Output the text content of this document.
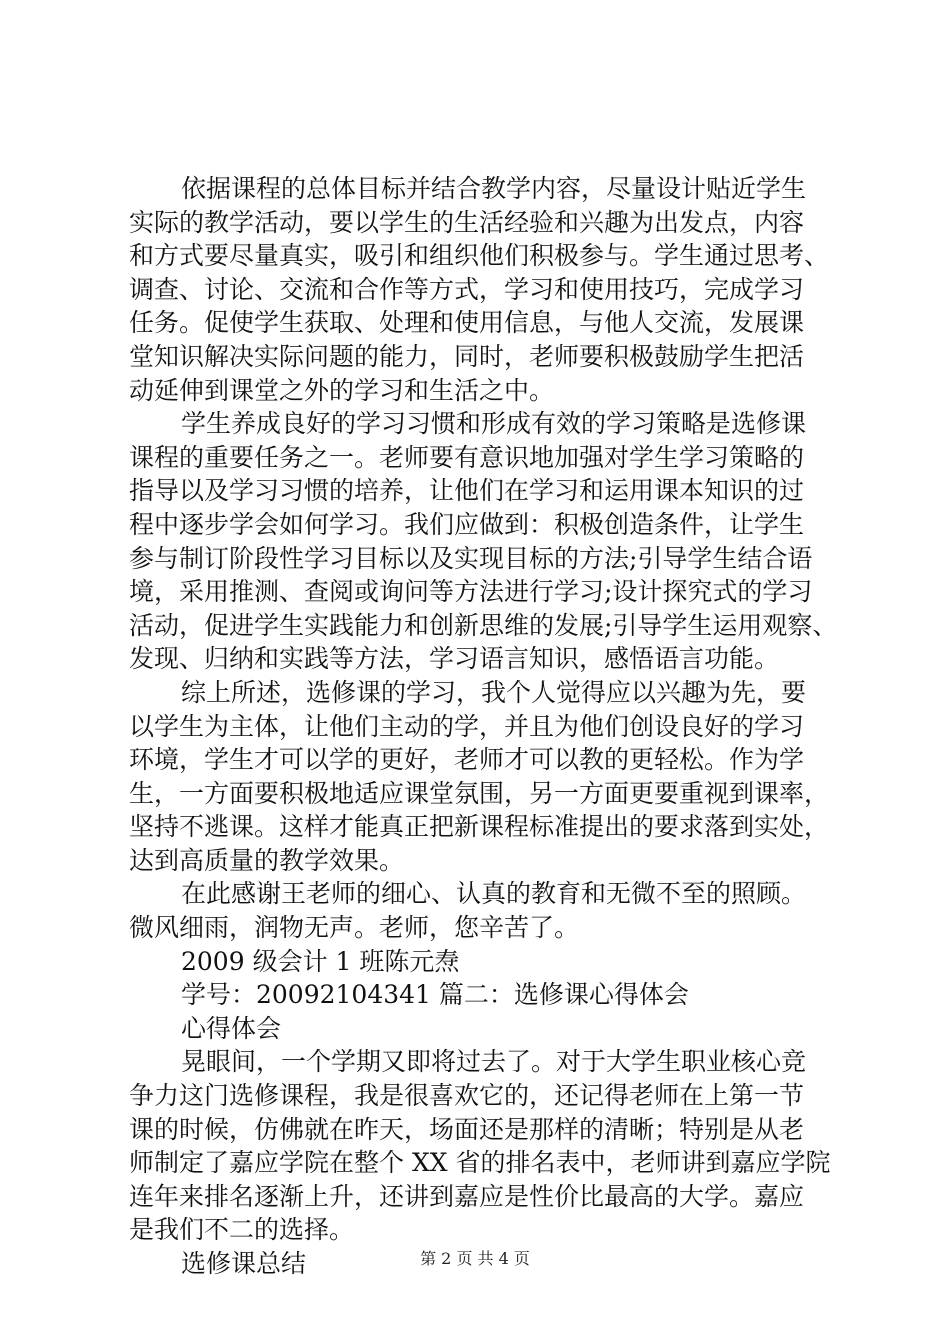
依据课程的总体目标并结合教学内容，尽量设计贴近学生
实际的教学活动，要以学生的生活经验和兴趣为出发点，内容
和方式要尽量真实，吸引和组织他们积极参与。学生通过思考、
调查、讨论、交流和合作等方式，学习和使用技巧，完成学习
任务。促使学生获取、处理和使用信息，与他人交流，发展课
堂知识解决实际问题的能力，同时，老师要积极鼓励学生把活
动延伸到课堂之外的学习和生活之中。
学生养成良好的学习习惯和形成有效的学习策略是选修课
课程的重要任务之一。老师要有意识地加强对学生学习策略的
指导以及学习习惯的培养，让他们在学习和运用课本知识的过
程中逐步学会如何学习。我们应做到：积极创造条件，让学生
参与制订阶段性学习目标以及实现目标的方法;引导学生结合语
境，采用推测、查阅或询问等方法进行学习;设计探究式的学习
活动，促进学生实践能力和创新思维的发展;引导学生运用观察、
发现、归纳和实践等方法，学习语言知识，感悟语言功能。
综上所述，选修课的学习，我个人觉得应以兴趣为先，要
以学生为主体，让他们主动的学，并且为他们创设良好的学习
环境，学生才可以学的更好，老师才可以教的更轻松。作为学
生，一方面要积极地适应课堂氛围，另一方面更要重视到课率，
坚持不逃课。这样才能真正把新课程标准提出的要求落到实处，
达到高质量的教学效果。
在此感谢王老师的细心、认真的教育和无微不至的照顾。
微风细雨，润物无声。老师，您辛苦了。
2009 级会计 1 班陈元焘
学号：20092104341 篇二：选修课心得体会
心得体会
晃眼间，一个学期又即将过去了。对于大学生职业核心竞
争力这门选修课程，我是很喜欢它的，还记得老师在上第一节
课的时候，仿佛就在昨天，场面还是那样的清晰；特别是从老
师制定了嘉应学院在整个 XX 省的排名表中，老师讲到嘉应学院
连年来排名逐渐上升，还讲到嘉应是性价比最高的大学。嘉应
是我们不二的选择。
选修课总结	第 2 页 共 4 页
